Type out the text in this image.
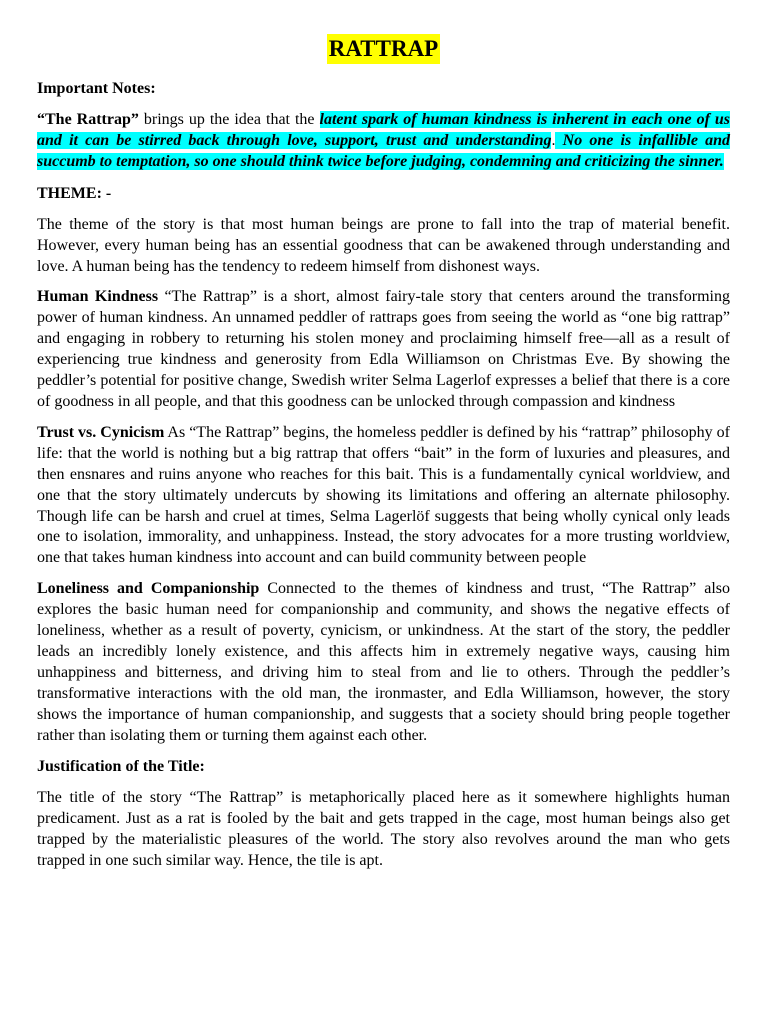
RATTRAP
Important Notes:

“The Rattrap” brings up the idea that the latent spark of human kindness is inherent in each one of us and it can be stirred back through love, support, trust and understanding. No one is infallible and succumb to temptation, so one should think twice before judging, condemning and criticizing the sinner.

THEME: -

The theme of the story is that most human beings are prone to fall into the trap of material benefit. However, every human being has an essential goodness that can be awakened through understanding and love. A human being has the tendency to redeem himself from dishonest ways.

Human Kindness “The Rattrap” is a short, almost fairy-tale story that centers around the transforming power of human kindness. An unnamed peddler of rattraps goes from seeing the world as “one big rattrap” and engaging in robbery to returning his stolen money and proclaiming himself free—all as a result of experiencing true kindness and generosity from Edla Williamson on Christmas Eve. By showing the peddler’s potential for positive change, Swedish writer Selma Lagerlof expresses a belief that there is a core of goodness in all people, and that this goodness can be unlocked through compassion and kindness

Trust vs. Cynicism As “The Rattrap” begins, the homeless peddler is defined by his “rattrap” philosophy of life: that the world is nothing but a big rattrap that offers “bait” in the form of luxuries and pleasures, and then ensnares and ruins anyone who reaches for this bait. This is a fundamentally cynical worldview, and one that the story ultimately undercuts by showing its limitations and offering an alternate philosophy. Though life can be harsh and cruel at times, Selma Lagerlöf suggests that being wholly cynical only leads one to isolation, immorality, and unhappiness. Instead, the story advocates for a more trusting worldview, one that takes human kindness into account and can build community between people

Loneliness and Companionship Connected to the themes of kindness and trust, “The Rattrap” also explores the basic human need for companionship and community, and shows the negative effects of loneliness, whether as a result of poverty, cynicism, or unkindness. At the start of the story, the peddler leads an incredibly lonely existence, and this affects him in extremely negative ways, causing him unhappiness and bitterness, and driving him to steal from and lie to others. Through the peddler’s transformative interactions with the old man, the ironmaster, and Edla Williamson, however, the story shows the importance of human companionship, and suggests that a society should bring people together rather than isolating them or turning them against each other.

Justification of the Title:

The title of the story “The Rattrap” is metaphorically placed here as it somewhere highlights human predicament. Just as a rat is fooled by the bait and gets trapped in the cage, most human beings also get trapped by the materialistic pleasures of the world. The story also revolves around the man who gets trapped in one such similar way. Hence, the tile is apt.
